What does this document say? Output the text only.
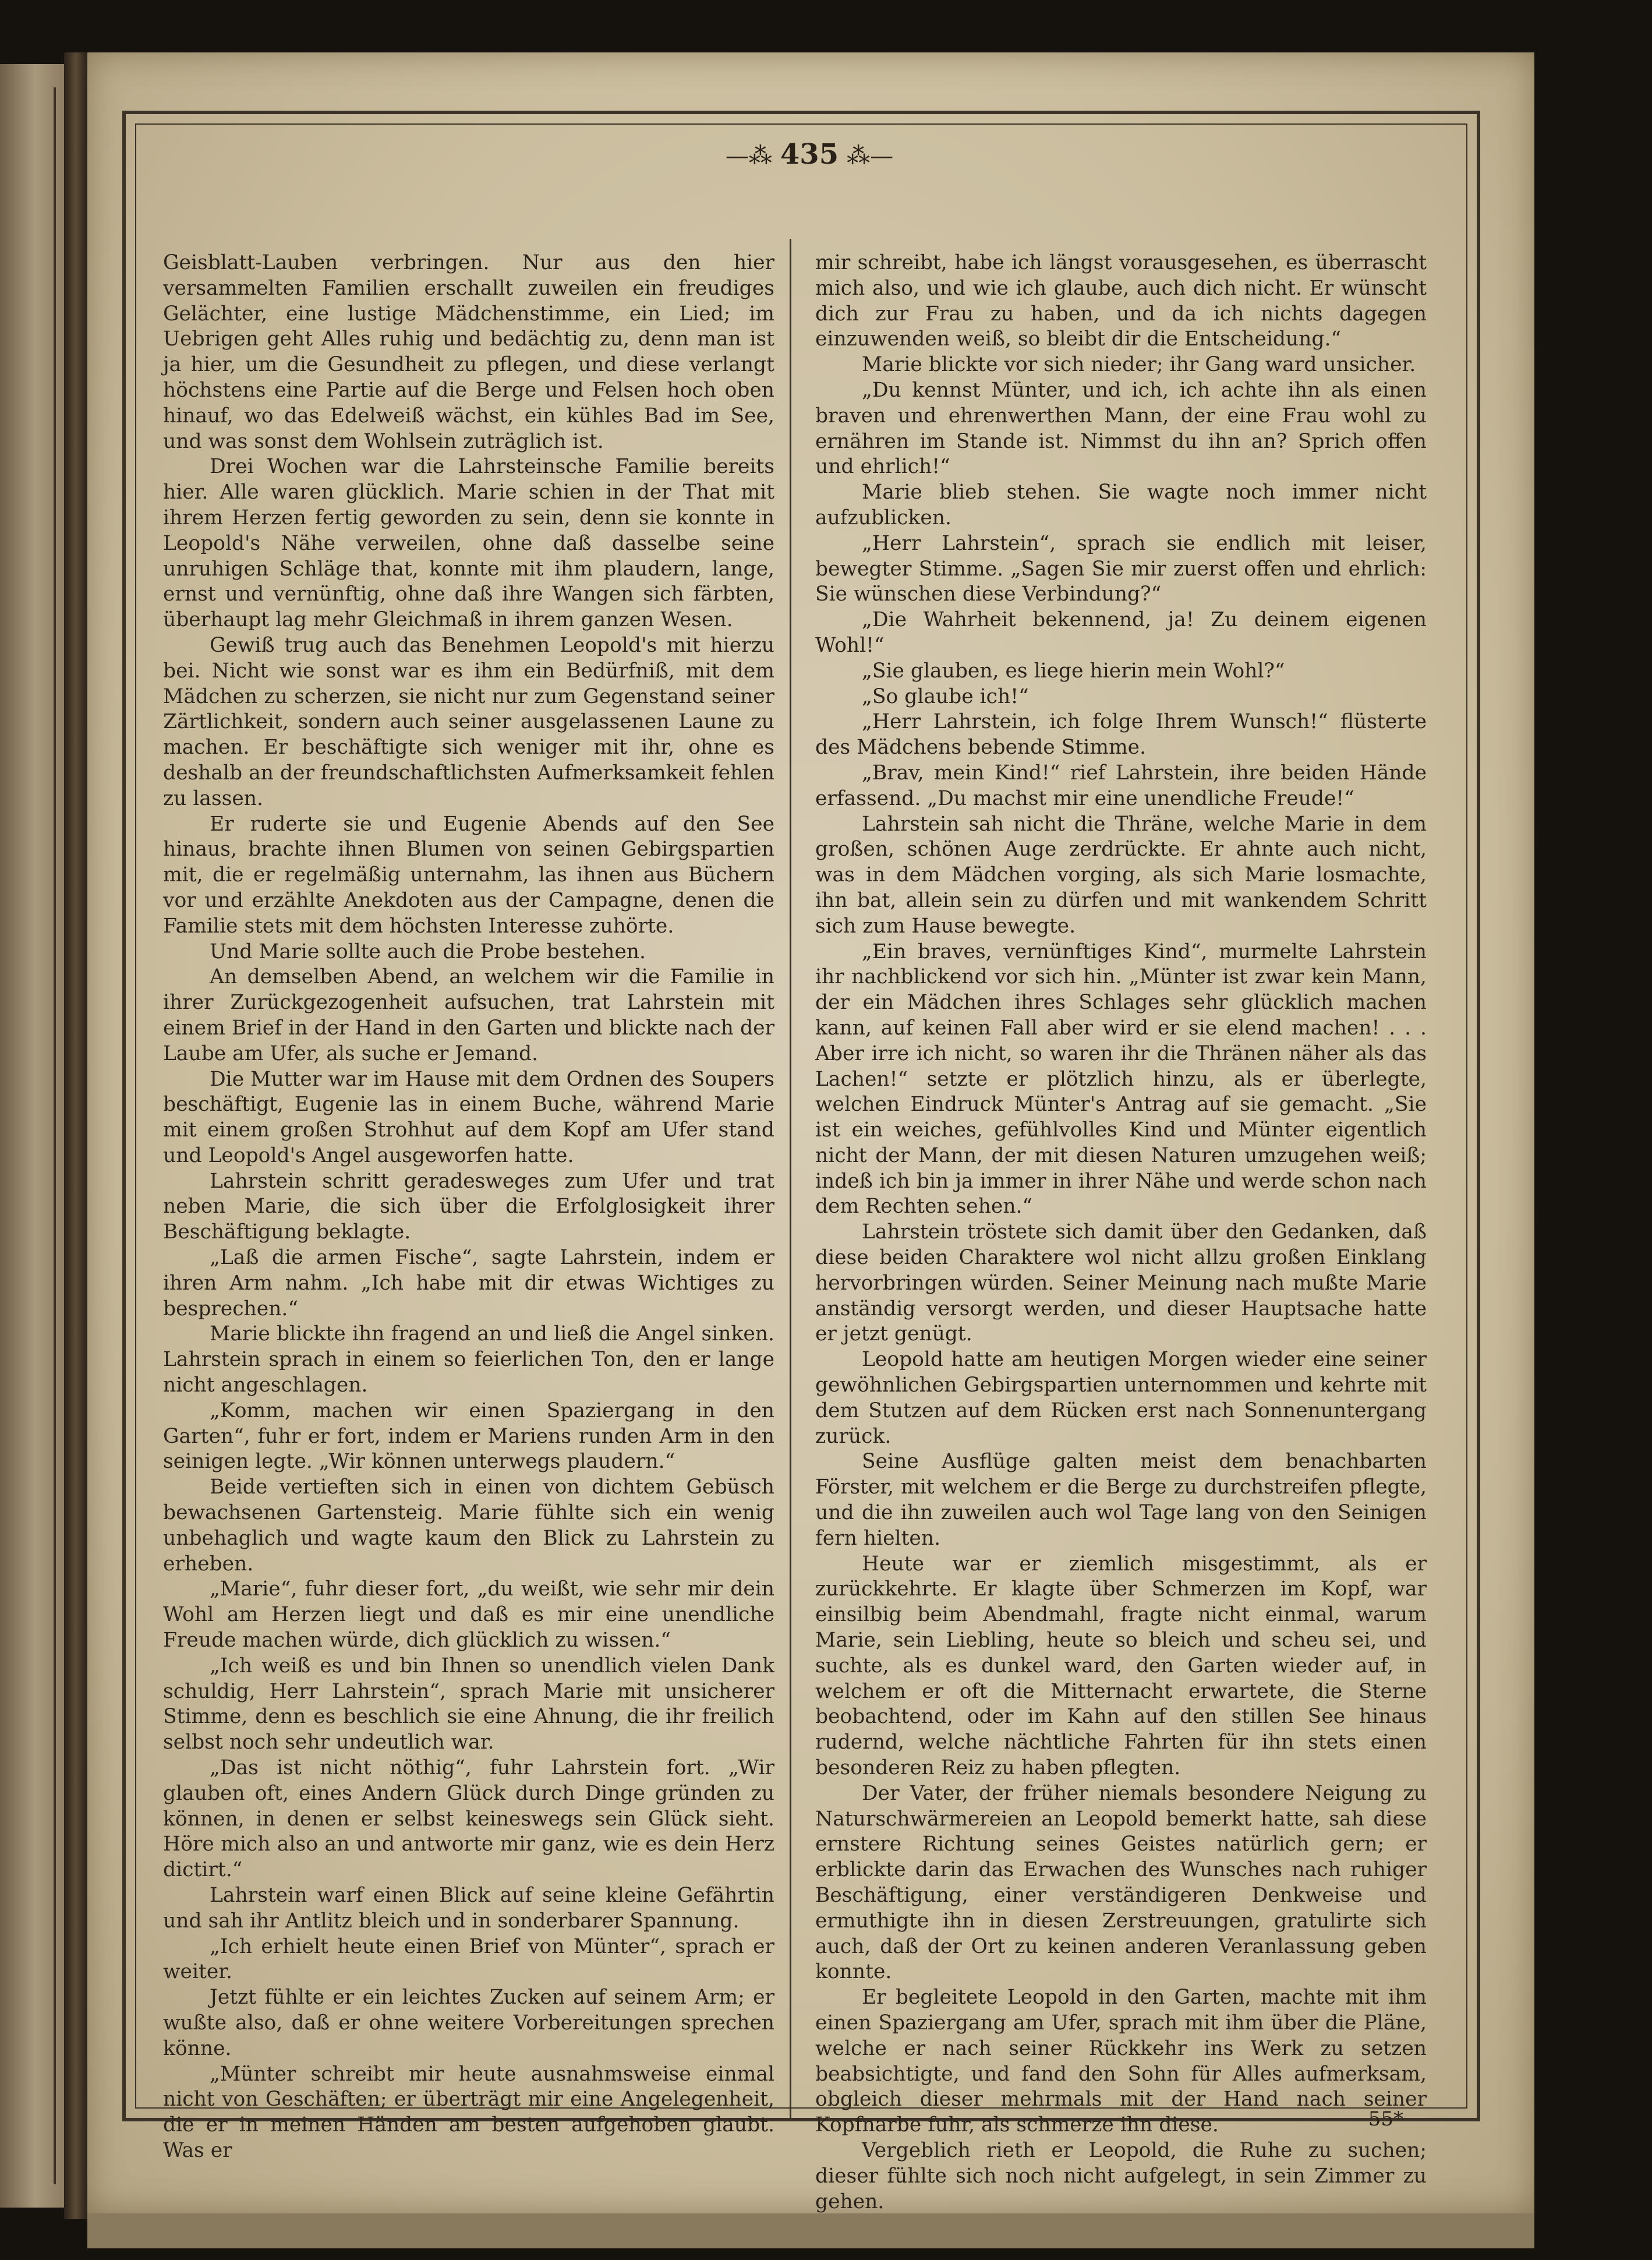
—⁂ 435 ⁂—

Geisblatt-Lauben verbringen. Nur aus den hier versammelten Familien erschallt zuweilen ein freudiges Gelächter, eine lustige Mädchenstimme, ein Lied; im Uebrigen geht Alles ruhig und bedächtig zu, denn man ist ja hier, um die Gesundheit zu pflegen, und diese verlangt höchstens eine Partie auf die Berge und Felsen hoch oben hinauf, wo das Edelweiß wächst, ein kühles Bad im See, und was sonst dem Wohlsein zuträglich ist.

Drei Wochen war die Lahrsteinsche Familie bereits hier. Alle waren glücklich. Marie schien in der That mit ihrem Herzen fertig geworden zu sein, denn sie konnte in Leopold's Nähe verweilen, ohne daß dasselbe seine unruhigen Schläge that, konnte mit ihm plaudern, lange, ernst und vernünftig, ohne daß ihre Wangen sich färbten, überhaupt lag mehr Gleichmaß in ihrem ganzen Wesen.

Gewiß trug auch das Benehmen Leopold's mit hierzu bei. Nicht wie sonst war es ihm ein Bedürfniß, mit dem Mädchen zu scherzen, sie nicht nur zum Gegenstand seiner Zärtlichkeit, sondern auch seiner ausgelassenen Laune zu machen. Er beschäftigte sich weniger mit ihr, ohne es deshalb an der freundschaftlichsten Aufmerksamkeit fehlen zu lassen.

Er ruderte sie und Eugenie Abends auf den See hinaus, brachte ihnen Blumen von seinen Gebirgspartien mit, die er regelmäßig unternahm, las ihnen aus Büchern vor und erzählte Anekdoten aus der Campagne, denen die Familie stets mit dem höchsten Interesse zuhörte.

Und Marie sollte auch die Probe bestehen.

An demselben Abend, an welchem wir die Familie in ihrer Zurückgezogenheit aufsuchen, trat Lahrstein mit einem Brief in der Hand in den Garten und blickte nach der Laube am Ufer, als suche er Jemand.

Die Mutter war im Hause mit dem Ordnen des Soupers beschäftigt, Eugenie las in einem Buche, während Marie mit einem großen Strohhut auf dem Kopf am Ufer stand und Leopold's Angel ausgeworfen hatte.

Lahrstein schritt geradesweges zum Ufer und trat neben Marie, die sich über die Erfolglosigkeit ihrer Beschäftigung beklagte.

„Laß die armen Fische“, sagte Lahrstein, indem er ihren Arm nahm. „Ich habe mit dir etwas Wichtiges zu besprechen.“

Marie blickte ihn fragend an und ließ die Angel sinken. Lahrstein sprach in einem so feierlichen Ton, den er lange nicht angeschlagen.

„Komm, machen wir einen Spaziergang in den Garten“, fuhr er fort, indem er Mariens runden Arm in den seinigen legte. „Wir können unterwegs plaudern.“

Beide vertieften sich in einen von dichtem Gebüsch bewachsenen Gartensteig. Marie fühlte sich ein wenig unbehaglich und wagte kaum den Blick zu Lahrstein zu erheben.

„Marie“, fuhr dieser fort, „du weißt, wie sehr mir dein Wohl am Herzen liegt und daß es mir eine unendliche Freude machen würde, dich glücklich zu wissen.“

„Ich weiß es und bin Ihnen so unendlich vielen Dank schuldig, Herr Lahrstein“, sprach Marie mit unsicherer Stimme, denn es beschlich sie eine Ahnung, die ihr freilich selbst noch sehr undeutlich war.

„Das ist nicht nöthig“, fuhr Lahrstein fort. „Wir glauben oft, eines Andern Glück durch Dinge gründen zu können, in denen er selbst keineswegs sein Glück sieht. Höre mich also an und antworte mir ganz, wie es dein Herz dictirt.“

Lahrstein warf einen Blick auf seine kleine Gefährtin und sah ihr Antlitz bleich und in sonderbarer Spannung.

„Ich erhielt heute einen Brief von Münter“, sprach er weiter.

Jetzt fühlte er ein leichtes Zucken auf seinem Arm; er wußte also, daß er ohne weitere Vorbereitungen sprechen könne.

„Münter schreibt mir heute ausnahmsweise einmal nicht von Geschäften; er überträgt mir eine Angelegenheit, die er in meinen Händen am besten aufgehoben glaubt. Was er

mir schreibt, habe ich längst vorausgesehen, es überrascht mich also, und wie ich glaube, auch dich nicht. Er wünscht dich zur Frau zu haben, und da ich nichts dagegen einzuwenden weiß, so bleibt dir die Entscheidung.“

Marie blickte vor sich nieder; ihr Gang ward unsicher.

„Du kennst Münter, und ich, ich achte ihn als einen braven und ehrenwerthen Mann, der eine Frau wohl zu ernähren im Stande ist. Nimmst du ihn an? Sprich offen und ehrlich!“

Marie blieb stehen. Sie wagte noch immer nicht aufzublicken.

„Herr Lahrstein“, sprach sie endlich mit leiser, bewegter Stimme. „Sagen Sie mir zuerst offen und ehrlich: Sie wünschen diese Verbindung?“

„Die Wahrheit bekennend, ja! Zu deinem eigenen Wohl!“

„Sie glauben, es liege hierin mein Wohl?“

„So glaube ich!“

„Herr Lahrstein, ich folge Ihrem Wunsch!“ flüsterte des Mädchens bebende Stimme.

„Brav, mein Kind!“ rief Lahrstein, ihre beiden Hände erfassend. „Du machst mir eine unendliche Freude!“

Lahrstein sah nicht die Thräne, welche Marie in dem großen, schönen Auge zerdrückte. Er ahnte auch nicht, was in dem Mädchen vorging, als sich Marie losmachte, ihn bat, allein sein zu dürfen und mit wankendem Schritt sich zum Hause bewegte.

„Ein braves, vernünftiges Kind“, murmelte Lahrstein ihr nachblickend vor sich hin. „Münter ist zwar kein Mann, der ein Mädchen ihres Schlages sehr glücklich machen kann, auf keinen Fall aber wird er sie elend machen! . . . Aber irre ich nicht, so waren ihr die Thränen näher als das Lachen!“ setzte er plötzlich hinzu, als er überlegte, welchen Eindruck Münter's Antrag auf sie gemacht. „Sie ist ein weiches, gefühlvolles Kind und Münter eigentlich nicht der Mann, der mit diesen Naturen umzugehen weiß; indeß ich bin ja immer in ihrer Nähe und werde schon nach dem Rechten sehen.“

Lahrstein tröstete sich damit über den Gedanken, daß diese beiden Charaktere wol nicht allzu großen Einklang hervorbringen würden. Seiner Meinung nach mußte Marie anständig versorgt werden, und dieser Hauptsache hatte er jetzt genügt.

Leopold hatte am heutigen Morgen wieder eine seiner gewöhnlichen Gebirgspartien unternommen und kehrte mit dem Stutzen auf dem Rücken erst nach Sonnenuntergang zurück.

Seine Ausflüge galten meist dem benachbarten Förster, mit welchem er die Berge zu durchstreifen pflegte, und die ihn zuweilen auch wol Tage lang von den Seinigen fern hielten.

Heute war er ziemlich misgestimmt, als er zurückkehrte. Er klagte über Schmerzen im Kopf, war einsilbig beim Abendmahl, fragte nicht einmal, warum Marie, sein Liebling, heute so bleich und scheu sei, und suchte, als es dunkel ward, den Garten wieder auf, in welchem er oft die Mitternacht erwartete, die Sterne beobachtend, oder im Kahn auf den stillen See hinaus rudernd, welche nächtliche Fahrten für ihn stets einen besonderen Reiz zu haben pflegten.

Der Vater, der früher niemals besondere Neigung zu Naturschwärmereien an Leopold bemerkt hatte, sah diese ernstere Richtung seines Geistes natürlich gern; er erblickte darin das Erwachen des Wunsches nach ruhiger Beschäftigung, einer verständigeren Denkweise und ermuthigte ihn in diesen Zerstreuungen, gratulirte sich auch, daß der Ort zu keinen anderen Veranlassung geben konnte.

Er begleitete Leopold in den Garten, machte mit ihm einen Spaziergang am Ufer, sprach mit ihm über die Pläne, welche er nach seiner Rückkehr ins Werk zu setzen beabsichtigte, und fand den Sohn für Alles aufmerksam, obgleich dieser mehrmals mit der Hand nach seiner Kopfnarbe fuhr, als schmerze ihn diese.

Vergeblich rieth er Leopold, die Ruhe zu suchen; dieser fühlte sich noch nicht aufgelegt, in sein Zimmer zu gehen.

55*
